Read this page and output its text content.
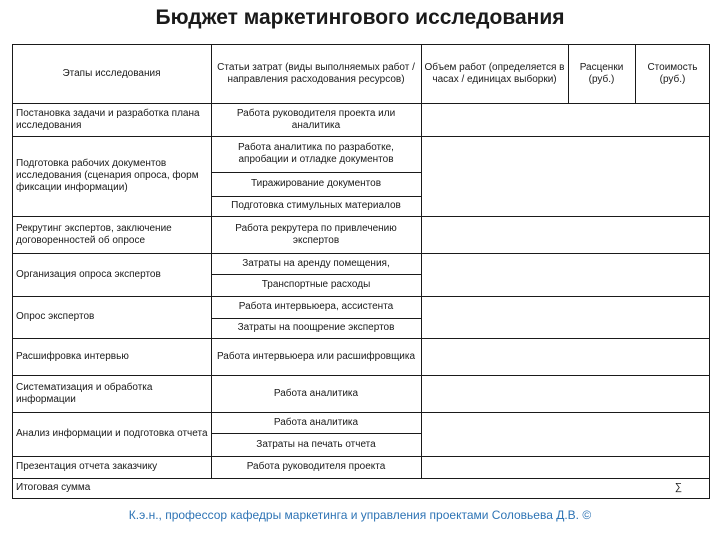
Бюджет маркетингового исследования
Этапы исследования
Статьи затрат (виды выполняемых работ / направления расходования ресурсов)
Объем работ (определяется в часах / единицах выборки)
Расценки (руб.)
Стоимость (руб.)
Постановка задачи и разработка плана исследования
Подготовка рабочих документов исследования (сценария опроса, форм фиксации информации)
Рекрутинг экспертов, заключение договоренностей об опросе
Организация опроса экспертов
Опрос экспертов
Расшифровка интервью
Систематизация и обработка информации
Анализ информации и подготовка отчета
Презентация отчета заказчику
Работа руководителя проекта или аналитика
Работа аналитика по разработке, апробации и отладке документов
Тиражирование документов
Подготовка стимульных материалов
Работа рекрутера по привлечению экспертов
Затраты на аренду помещения,
Транспортные расходы
Работа интервьюера, ассистента
Затраты на поощрение экспертов
Работа интервьюера или расшифровщика
Работа аналитика
Работа аналитика
Затраты на печать отчета
Работа руководителя проекта
Итоговая сумма	∑
К.э.н., профессор кафедры маркетинга и управления проектами Соловьева Д.В. ©
